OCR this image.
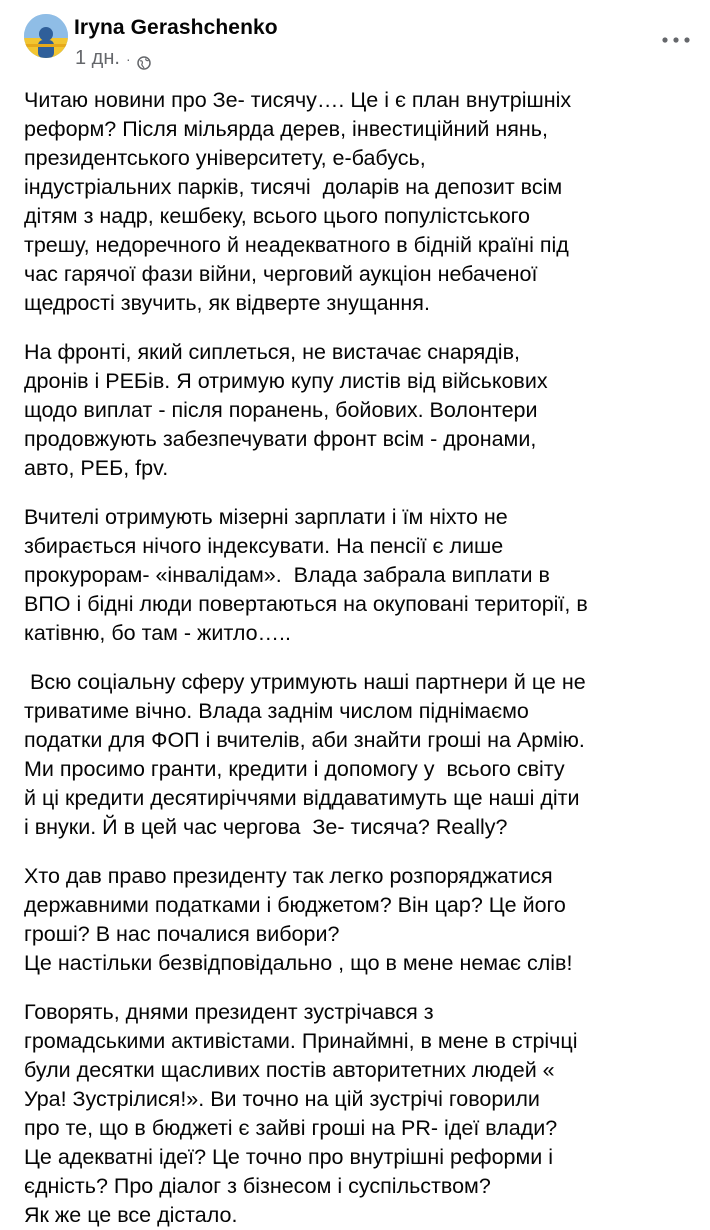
Iryna Gerashchenko
1 дн. ·

Читаю новини про Зе- тисячу…. Це і є план внутрішніх
реформ? Після мільярда дерев, інвестиційний нянь,
президентського університету, е-бабусь,
індустріальних парків, тисячі  доларів на депозит всім
дітям з надр, кешбеку, всього цього популістського
трешу, недоречного й неадекватного в бідній країні під
час гарячої фази війни, черговий аукціон небаченої
щедрості звучить, як відверте знущання.

На фронті, який сиплеться, не вистачає снарядів,
дронів і РЕБів. Я отримую купу листів від військових
щодо виплат - після поранень, бойових. Волонтери
продовжують забезпечувати фронт всім - дронами,
авто, РЕБ, fpv.

Вчителі отримують мізерні зарплати і їм ніхто не
збирається нічого індексувати. На пенсії є лише
прокурорам- «інвалідам».  Влада забрала виплати в
ВПО і бідні люди повертаються на окуповані території, в
катівню, бо там - житло…..

Всю соціальну сферу утримують наші партнери й це не
триватиме вічно. Влада заднім числом піднімаємо
податки для ФОП і вчителів, аби знайти гроші на Армію.
Ми просимо гранти, кредити і допомогу у  всього світу
й ці кредити десятиріччями віддаватимуть ще наші діти
і внуки. Й в цей час чергова  Зе- тисяча? Really?

Хто дав право президенту так легко розпоряджатися
державними податками і бюджетом? Він цар? Це його
гроші? В нас почалися вибори?
Це настільки безвідповідально , що в мене немає слів!

Говорять, днями президент зустрічався з
громадськими активістами. Принаймні, в мене в стрічці
були десятки щасливих постів авторитетних людей «
Ура! Зустрілися!». Ви точно на цій зустрічі говорили
про те, що в бюджеті є зайві гроші на PR- ідеї влади?
Це адекватні ідеї? Це точно про внутрішні реформи і
єдність? Про діалог з бізнесом і суспільством?
Як же це все дістало.
